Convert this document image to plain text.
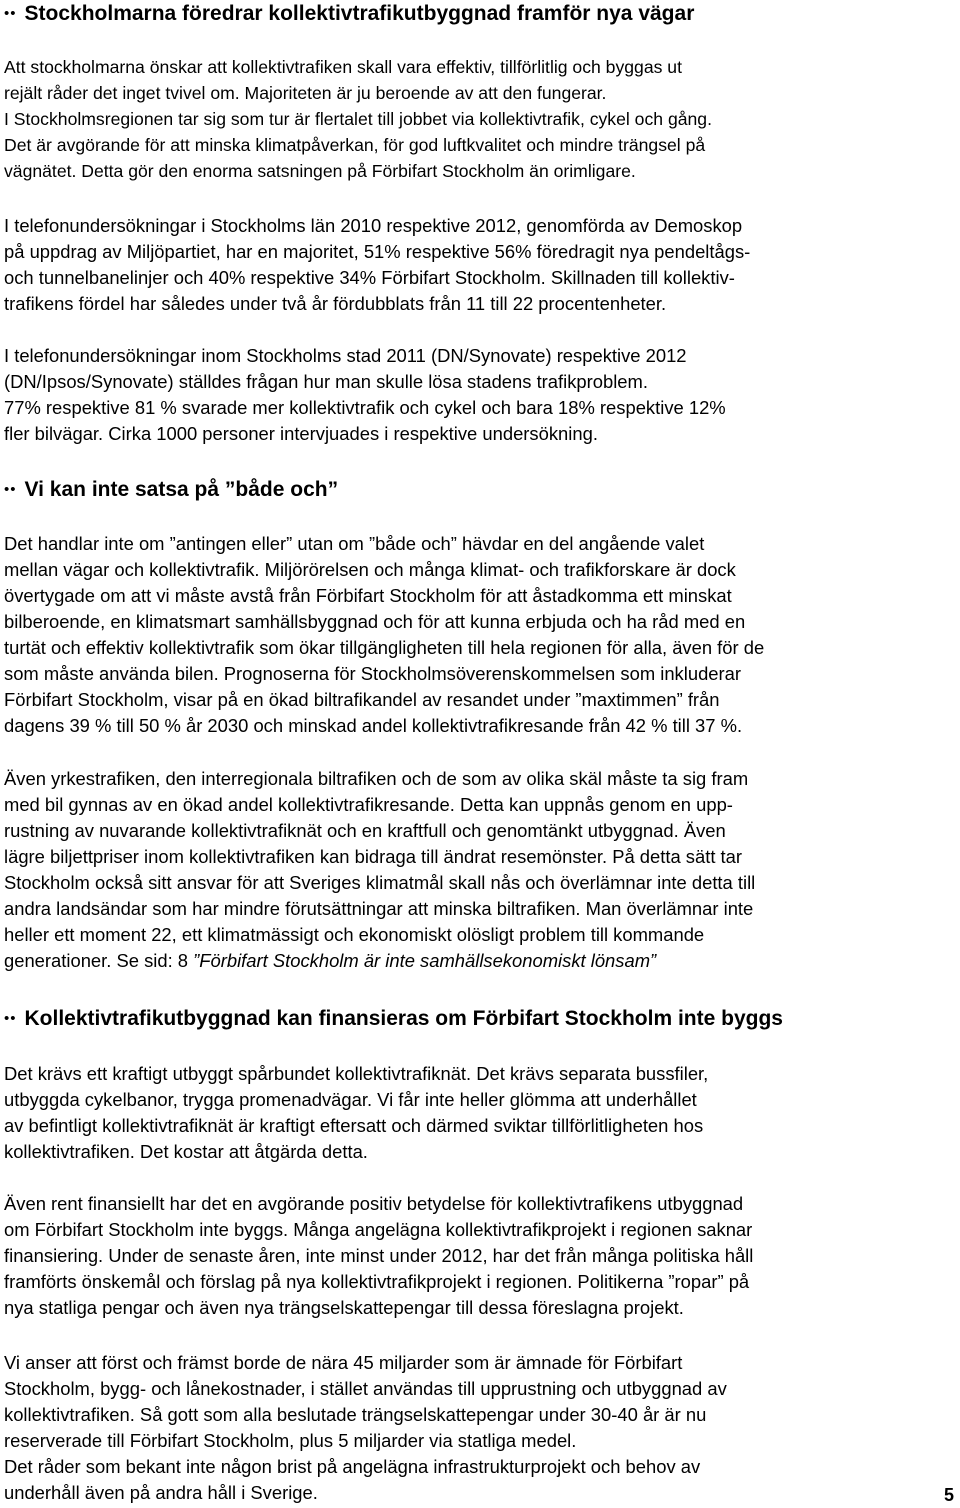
•• Stockholmarna föredrar kollektivtrafikutbyggnad framför nya vägar
Att stockholmarna önskar att kollektivtrafiken skall vara effektiv, tillförlitlig och byggas ut
rejält råder det inget tvivel om. Majoriteten är ju beroende av att den fungerar.
I Stockholmsregionen tar sig som tur är flertalet till jobbet via kollektivtrafik, cykel och gång.
Det är avgörande för att minska klimatpåverkan, för god luftkvalitet och mindre trängsel på
vägnätet. Detta gör den enorma satsningen på Förbifart Stockholm än orimligare.
I telefonundersökningar i Stockholms län 2010 respektive 2012, genomförda av Demoskop
på uppdrag av Miljöpartiet, har en majoritet, 51% respektive 56% föredragit nya pendeltågs-
och tunnelbanelinjer och 40% respektive 34% Förbifart Stockholm. Skillnaden till kollektiv-
trafikens fördel har således under två år fördubblats från 11 till 22 procentenheter.
I telefonundersökningar inom Stockholms stad 2011 (DN/Synovate) respektive 2012
(DN/Ipsos/Synovate) ställdes frågan hur man skulle lösa stadens trafikproblem.
77% respektive 81 % svarade mer kollektivtrafik och cykel och bara 18% respektive 12%
fler bilvägar. Cirka 1000 personer intervjuades i respektive undersökning.
•• Vi kan inte satsa på ”både och”
Det handlar inte om ”antingen eller” utan om ”både och” hävdar en del angående valet
mellan vägar och kollektivtrafik. Miljörörelsen och många klimat- och trafikforskare är dock
övertygade om att vi måste avstå från Förbifart Stockholm för att åstadkomma ett minskat
bilberoende, en klimatsmart samhällsbyggnad och för att kunna erbjuda och ha råd med en
turtät och effektiv kollektivtrafik som ökar tillgängligheten till hela regionen för alla, även för de
som måste använda bilen. Prognoserna för Stockholmsöverenskommelsen som inkluderar
Förbifart Stockholm, visar på en ökad biltrafikandel av resandet under ”maxtimmen” från
dagens 39 % till 50 % år 2030 och minskad andel kollektivtrafikresande från 42 % till 37 %.
Även yrkestrafiken, den interregionala biltrafiken och de som av olika skäl måste ta sig fram
med bil gynnas av en ökad andel kollektivtrafikresande. Detta kan uppnås genom en upp-
rustning av nuvarande kollektivtrafiknät och en kraftfull och genomtänkt utbyggnad. Även
lägre biljettpriser inom kollektivtrafiken kan bidraga till ändrat resemönster. På detta sätt tar
Stockholm också sitt ansvar för att Sveriges klimatmål skall nås och överlämnar inte detta till
andra landsändar som har mindre förutsättningar att minska biltrafiken. Man överlämnar inte
heller ett moment 22, ett klimatmässigt och ekonomiskt olösligt problem till kommande
generationer. Se sid: 8 ”Förbifart Stockholm är inte samhällsekonomiskt lönsam”
•• Kollektivtrafikutbyggnad kan finansieras om Förbifart Stockholm inte byggs
Det krävs ett kraftigt utbyggt spårbundet kollektivtrafiknät. Det krävs separata bussfiler,
utbyggda cykelbanor, trygga promenadvägar. Vi får inte heller glömma att underhållet
av befintligt kollektivtrafiknät är kraftigt eftersatt och därmed sviktar tillförlitligheten hos
kollektivtrafiken. Det kostar att åtgärda detta.
Även rent finansiellt har det en avgörande positiv betydelse för kollektivtrafikens utbyggnad
om Förbifart Stockholm inte byggs. Många angelägna kollektivtrafikprojekt i regionen saknar
finansiering. Under de senaste åren, inte minst under 2012, har det från många politiska håll
framförts önskemål och förslag på nya kollektivtrafikprojekt i regionen. Politikerna ”ropar” på
nya statliga pengar och även nya trängselskattepengar till dessa föreslagna projekt.
Vi anser att först och främst borde de nära 45 miljarder som är ämnade för Förbifart
Stockholm, bygg- och lånekostnader, i stället användas till upprustning och utbyggnad av
kollektivtrafiken. Så gott som alla beslutade trängselskattepengar under 30-40 år är nu
reserverade till Förbifart Stockholm, plus 5 miljarder via statliga medel.
Det råder som bekant inte någon brist på angelägna infrastrukturprojekt och behov av
underhåll även på andra håll i Sverige.	5
